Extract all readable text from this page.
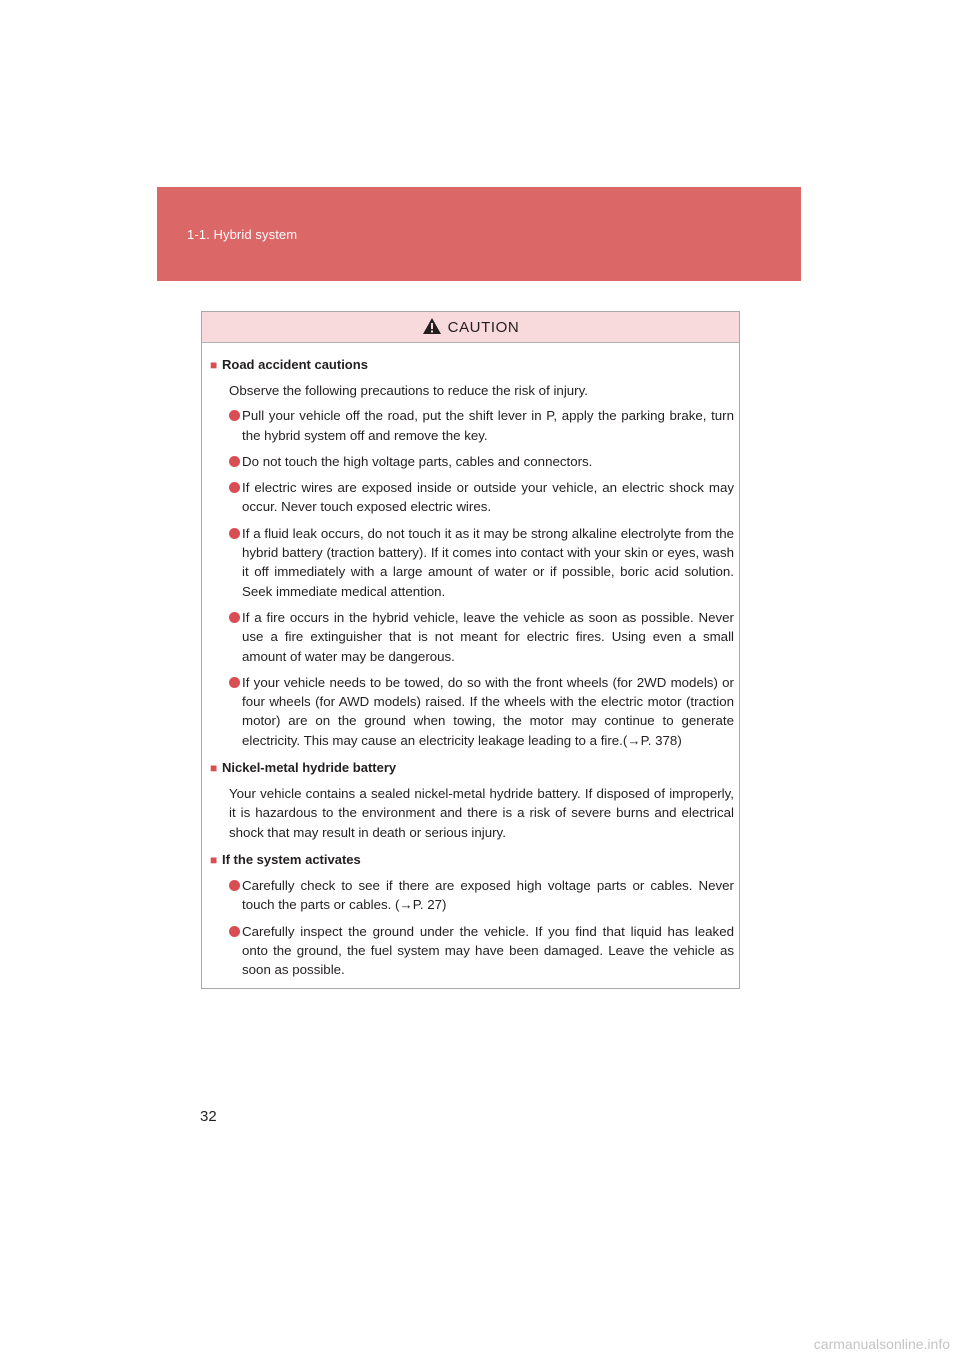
1-1. Hybrid system
CAUTION
■ Road accident cautions

Observe the following precautions to reduce the risk of injury.

Pull your vehicle off the road, put the shift lever in P, apply the parking brake, turn the hybrid system off and remove the key.
Do not touch the high voltage parts, cables and connectors.
If electric wires are exposed inside or outside your vehicle, an electric shock may occur. Never touch exposed electric wires.
If a fluid leak occurs, do not touch it as it may be strong alkaline electrolyte from the hybrid battery (traction battery). If it comes into contact with your skin or eyes, wash it off immediately with a large amount of water or if possible, boric acid solution. Seek immediate medical attention.
If a fire occurs in the hybrid vehicle, leave the vehicle as soon as possible. Never use a fire extinguisher that is not meant for electric fires. Using even a small amount of water may be dangerous.
If your vehicle needs to be towed, do so with the front wheels (for 2WD models) or four wheels (for AWD models) raised. If the wheels with the electric motor (traction motor) are on the ground when towing, the motor may continue to generate electricity. This may cause an electricity leakage leading to a fire.(→P. 378)
■ Nickel-metal hydride battery

Your vehicle contains a sealed nickel-metal hydride battery. If disposed of improperly, it is hazardous to the environment and there is a risk of severe burns and electrical shock that may result in death or serious injury.

■ If the system activates
Carefully check to see if there are exposed high voltage parts or cables. Never touch the parts or cables. (→P. 27)
Carefully inspect the ground under the vehicle. If you find that liquid has leaked onto the ground, the fuel system may have been damaged. Leave the vehicle as soon as possible.
32
carmanualsonline.info
